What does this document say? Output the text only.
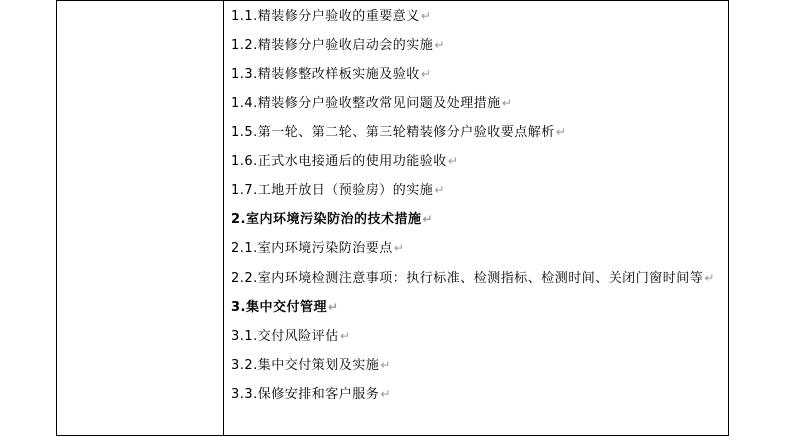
1.1.精装修分户验收的重要意义↵
1.2.精装修分户验收启动会的实施↵
1.3.精装修整改样板实施及验收↵
1.4.精装修分户验收整改常见问题及处理措施↵
1.5.第一轮、第二轮、第三轮精装修分户验收要点解析↵
1.6.正式水电接通后的使用功能验收↵
1.7.工地开放日（预验房）的实施↵
2.室内环境污染防治的技术措施↵
2.1.室内环境污染防治要点↵
2.2.室内环境检测注意事项：执行标准、检测指标、检测时间、关闭门窗时间等↵
3.集中交付管理↵
3.1.交付风险评估↵
3.2.集中交付策划及实施↵
3.3.保修安排和客户服务↵
